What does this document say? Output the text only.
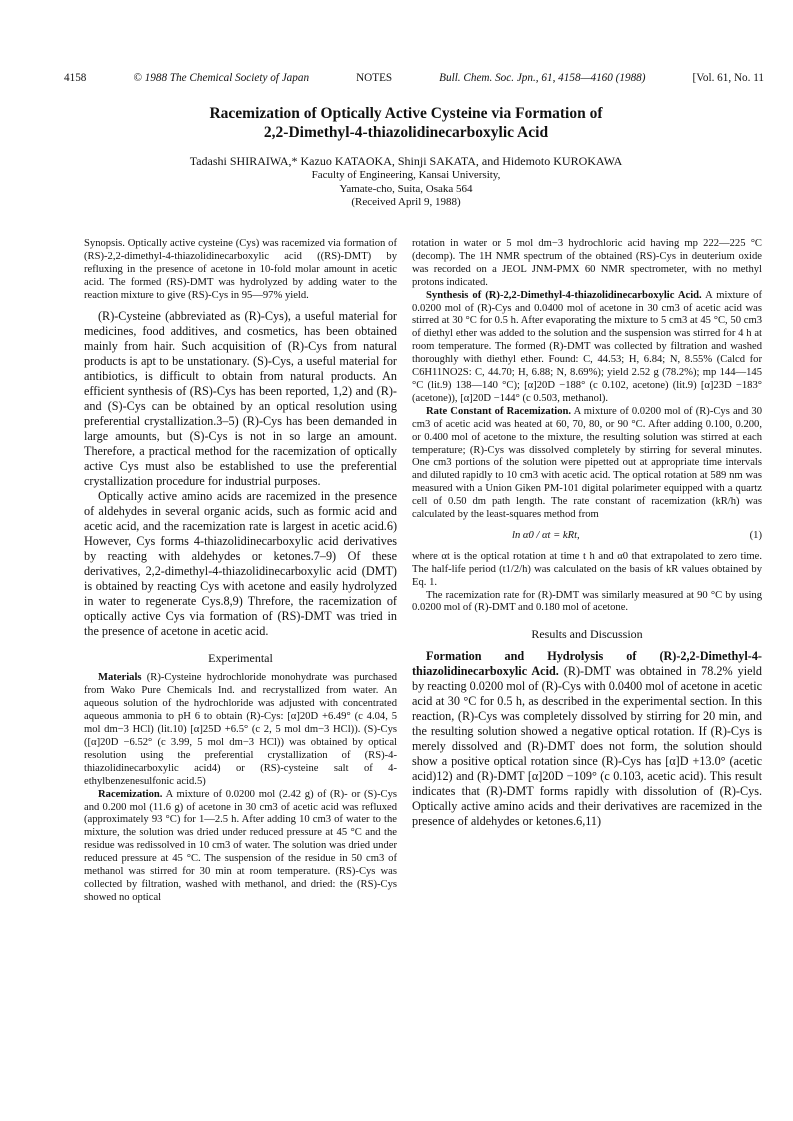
4158	© 1988 The Chemical Society of Japan	NOTES	Bull. Chem. Soc. Jpn., 61, 4158—4160 (1988)	[Vol. 61, No. 11
Racemization of Optically Active Cysteine via Formation of
2,2-Dimethyl-4-thiazolidinecarboxylic Acid
Tadashi SHIRAIWA,* Kazuo KATAOKA, Shinji SAKATA, and Hidemoto KUROKAWA
Faculty of Engineering, Kansai University,
Yamate-cho, Suita, Osaka 564
(Received April 9, 1988)

Synopsis. Optically active cysteine (Cys) was racemized via formation of (RS)-2,2-dimethyl-4-thiazolidinecarboxylic acid ((RS)-DMT) by refluxing in the presence of acetone in 10-fold molar amount in acetic acid. The formed (RS)-DMT was hydrolyzed by adding water to the reaction mixture to give (RS)-Cys in 95—97% yield.

(R)-Cysteine (abbreviated as (R)-Cys), a useful material for medicines, food additives, and cosmetics, has been obtained mainly from hair. Such acquisition of (R)-Cys from natural products is apt to be unstationary. (S)-Cys, a useful material for antibiotics, is difficult to obtain from natural products. An efficient synthesis of (RS)-Cys has been reported, 1,2) and (R)- and (S)-Cys can be obtained by an optical resolution using preferential crystallization.3–5) (R)-Cys has been demanded in large amounts, but (S)-Cys is not in so large an amount. Therefore, a practical method for the racemization of optically active Cys must also be established to use the preferential crystallization procedure for industrial purposes.

Optically active amino acids are racemized in the presence of aldehydes in several organic acids, such as formic acid and acetic acid, and the racemization rate is largest in acetic acid.6) However, Cys forms 4-thiazolidinecarboxylic acid derivatives by reacting with aldehydes or ketones.7–9) Of these derivatives, 2,2-dimethyl-4-thiazolidinecarboxylic acid (DMT) is obtained by reacting Cys with acetone and easily hydrolyzed in water to regenerate Cys.8,9) Threfore, the racemization of optically active Cys via formation of (RS)-DMT was tried in the presence of acetone in acetic acid.

Experimental

Materials (R)-Cysteine hydrochloride monohydrate was purchased from Wako Pure Chemicals Ind. and recrystallized from water. An aqueous solution of the hydrochloride was adjusted with concentrated aqueous ammonia to pH 6 to obtain (R)-Cys: [α]20D +6.49° (c 4.04, 5 mol dm−3 HCl) (lit.10) [α]25D +6.5° (c 2, 5 mol dm−3 HCl)). (S)-Cys ([α]20D −6.52° (c 3.99, 5 mol dm−3 HCl)) was obtained by optical resolution using the preferential crystallization of (RS)-4-thiazolidinecarboxylic acid4) or (RS)-cysteine salt of 4-ethylbenzenesulfonic acid.5)

Racemization. A mixture of 0.0200 mol (2.42 g) of (R)- or (S)-Cys and 0.200 mol (11.6 g) of acetone in 30 cm3 of acetic acid was refluxed (approximately 93 °C) for 1—2.5 h. After adding 10 cm3 of water to the mixture, the solution was dried under reduced pressure at 45 °C and the residue was redissolved in 10 cm3 of water. The solution was dried under reduced pressure at 45 °C. The suspension of the residue in 50 cm3 of methanol was stirred for 30 min at room temperature. (RS)-Cys was collected by filtration, washed with methanol, and dried: the (RS)-Cys showed no optical

rotation in water or 5 mol dm−3 hydrochloric acid having mp 222—225 °C (decomp). The 1H NMR spectrum of the obtained (RS)-Cys in deuterium oxide was recorded on a JEOL JNM-PMX 60 NMR spectrometer, with no methyl protons indicated.

Synthesis of (R)-2,2-Dimethyl-4-thiazolidinecarboxylic Acid. A mixture of 0.0200 mol of (R)-Cys and 0.0400 mol of acetone in 30 cm3 of acetic acid was stirred at 30 °C for 0.5 h. After evaporating the mixture to 5 cm3 at 45 °C, 50 cm3 of diethyl ether was added to the solution and the suspension was stirred for 4 h at room temperature. The formed (R)-DMT was collected by filtration and washed thoroughly with diethyl ether. Found: C, 44.53; H, 6.84; N, 8.55% (Calcd for C6H11NO2S: C, 44.70; H, 6.88; N, 8.69%); yield 2.52 g (78.2%); mp 144—145 °C (lit.9) 138—140 °C); [α]20D −188° (c 0.102, acetone) (lit.9) [α]23D −183° (acetone)), [α]20D −144° (c 0.503, methanol).

Rate Constant of Racemization. A mixture of 0.0200 mol of (R)-Cys and 30 cm3 of acetic acid was heated at 60, 70, 80, or 90 °C. After adding 0.100, 0.200, or 0.400 mol of acetone to the mixture, the resulting solution was stirred at each temperature; (R)-Cys was dissolved completely by stirring for several minutes. One cm3 portions of the solution were pipetted out at appropriate time intervals and diluted rapidly to 10 cm3 with acetic acid. The optical rotation at 589 nm was measured with a Union Giken PM-101 digital polarimeter equipped with a quartz cell of 0.50 dm path length. The rate constant of racemization (kR/h) was calculated by the least-squares method from

ln α0 / αt = kRt,	(1)

where αt is the optical rotation at time t h and α0 that extrapolated to zero time. The half-life period (t1/2/h) was calculated on the basis of kR values obtained by Eq. 1.

The racemization rate for (R)-DMT was similarly measured at 90 °C by using 0.0200 mol of (R)-DMT and 0.180 mol of acetone.

Results and Discussion

Formation and Hydrolysis of (R)-2,2-Dimethyl-4-thiazolidinecarboxylic Acid. (R)-DMT was obtained in 78.2% yield by reacting 0.0200 mol of (R)-Cys with 0.0400 mol of acetone in acetic acid at 30 °C for 0.5 h, as described in the experimental section. In this reaction, (R)-Cys was completely dissolved by stirring for 20 min, and the resulting solution showed a negative optical rotation. If (R)-Cys is merely dissolved and (R)-DMT does not form, the solution should show a positive optical rotation since (R)-Cys has [α]D +13.0° (acetic acid)12) and (R)-DMT [α]20D −109° (c 0.103, acetic acid). This result indicates that (R)-DMT forms rapidly with dissolution of (R)-Cys. Optically active amino acids and their derivatives are racemized in the presence of aldehydes or ketones.6,11)
